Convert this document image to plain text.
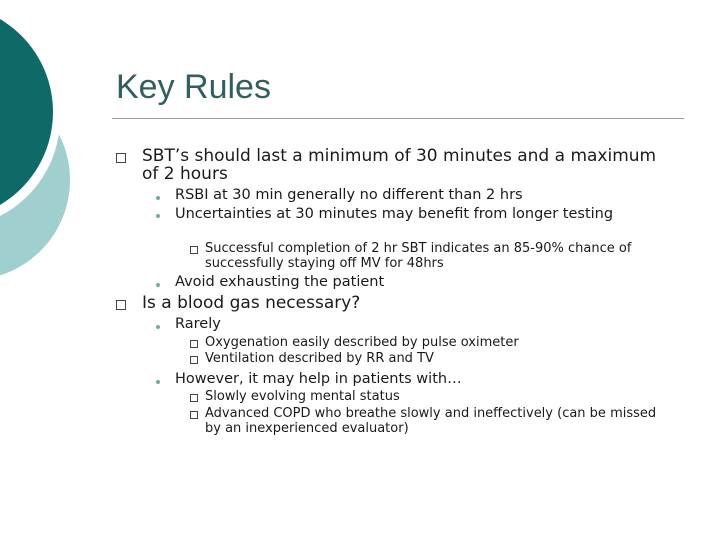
Key Rules
SBT’s should last a minimum of 30 minutes and a maximum of 2 hours
RSBI at 30 min generally no different than 2 hrs
Uncertainties at 30 minutes may benefit from longer testing
Successful completion of 2 hr SBT indicates an 85-90% chance of successfully staying off MV for 48hrs
Avoid exhausting the patient
Is a blood gas necessary?
Rarely
Oxygenation easily described by pulse oximeter
Ventilation described by RR and TV
However, it may help in patients with…
Slowly evolving mental status
Advanced COPD who breathe slowly and ineffectively (can be missed by an inexperienced evaluator)
